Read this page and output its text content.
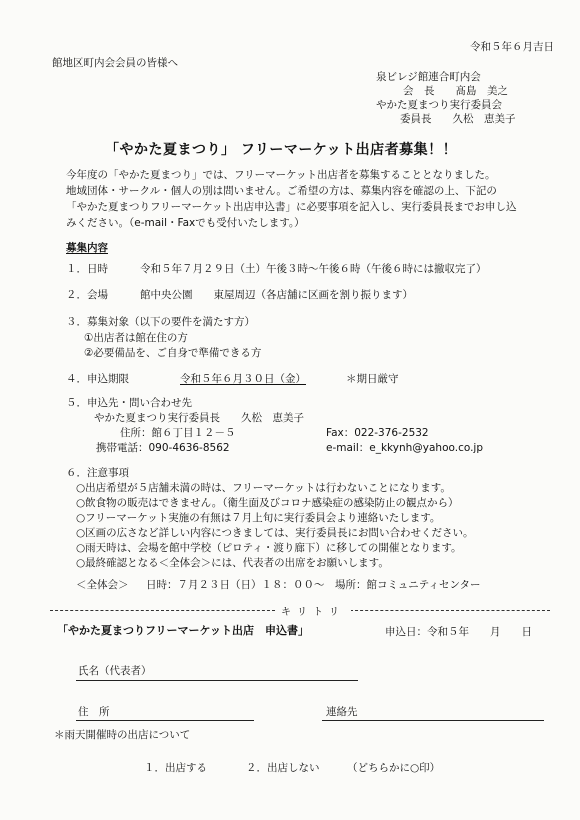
令和５年６月吉日
館地区町内会会員の皆様へ
泉ビレジ館連合町内会
会　長　　髙島　美之
やかた夏まつり実行委員会
委員長　　久松　恵美子
「やかた夏まつり」 フリーマーケット出店者募集！！
今年度の「やかた夏まつり」では、フリーマーケット出店者を募集することとなりました。
地域団体・サークル・個人の別は問いません。ご希望の方は、募集内容を確認の上、下記の
「やかた夏まつりフリーマーケット出店申込書」に必要事項を記入し、実行委員長までお申し込
みください。（e-mail・Faxでも受付いたします。）
募集内容
１．日時	令和５年７月２９日（土）午後３時～午後６時（午後６時には撤収完了）
２．会場	館中央公園　　東屋周辺（各店舗に区画を割り振ります）
３．募集対象（以下の要件を満たす方）
①出店者は館在住の方
②必要備品を、ご自身で準備できる方
４．申込期限	令和５年６月３０日（金）	＊期日厳守
５．申込先・問い合わせ先
やかた夏まつり実行委員長　　久松　恵美子
住所：館６丁目１２－５	Fax：022-376-2532
携帯電話：090-4636-8562	e-mail：e_kkynh@yahoo.co.jp
６．注意事項
○出店希望が５店舗未満の時は、フリーマーケットは行わないことになります。
○飲食物の販売はできません。（衛生面及びコロナ感染症の感染防止の観点から）
○フリーマーケット実施の有無は７月上旬に実行委員会より連絡いたします。
○区画の広さなど詳しい内容につきましては、実行委員長にお問い合わせください。
○雨天時は、会場を館中学校（ピロティ・渡り廊下）に移しての開催となります。
○最終確認となる＜全体会＞には、代表者の出席をお願いします。
＜全体会＞ 日時：７月２３日（日）１８：００～　場所：館コミュニティセンター
キリトリ
「やかた夏まつりフリーマーケット出店　申込書」	申込日：令和５年　　月　　日
氏名（代表者）
住　所	連絡先
＊雨天開催時の出店について
１．出店する	２．出店しない	（どちらかに○印）
